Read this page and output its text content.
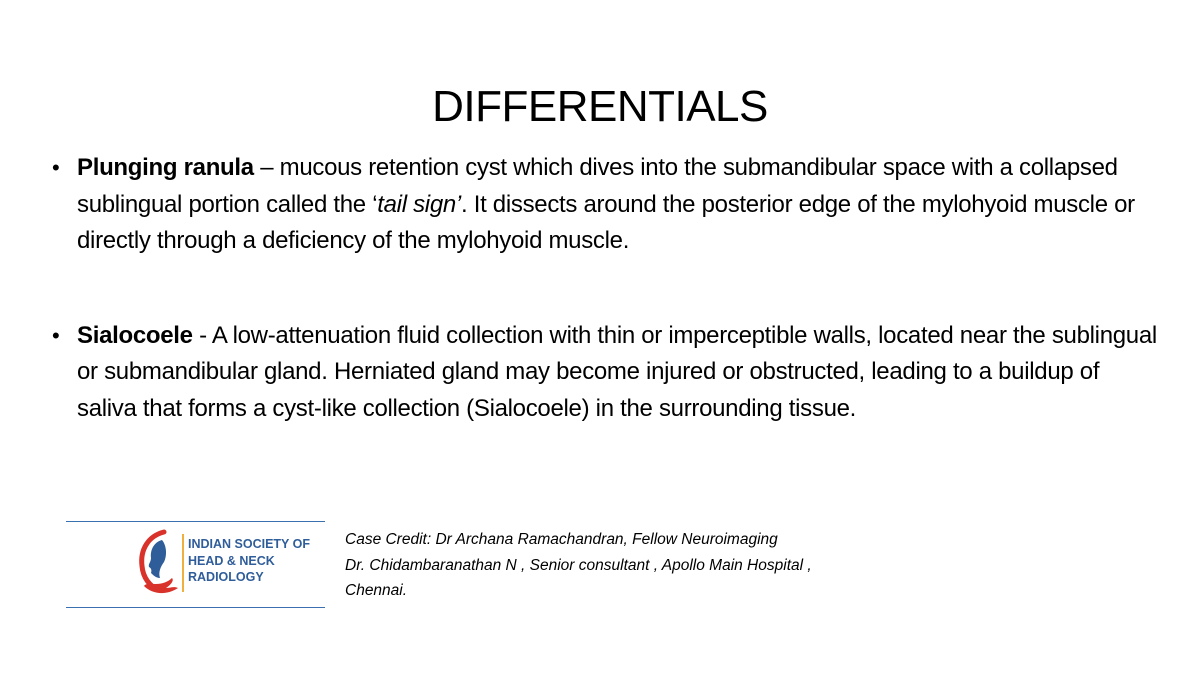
DIFFERENTIALS
• Plunging ranula – mucous retention cyst which dives into the submandibular space with a collapsed sublingual portion called the ‘tail sign’. It dissects around the posterior edge of the mylohyoid muscle or directly through a deficiency of the mylohyoid muscle.
• Sialocoele - A low-attenuation fluid collection with thin or imperceptible walls, located near the sublingual or submandibular gland. Herniated gland may become injured or obstructed, leading to a buildup of saliva that forms a cyst-like collection (Sialocoele) in the surrounding tissue.
INDIAN SOCIETY OF
HEAD & NECK
RADIOLOGY
Case Credit: Dr Archana Ramachandran, Fellow Neuroimaging
Dr. Chidambaranathan N , Senior consultant , Apollo Main Hospital ,
Chennai.
